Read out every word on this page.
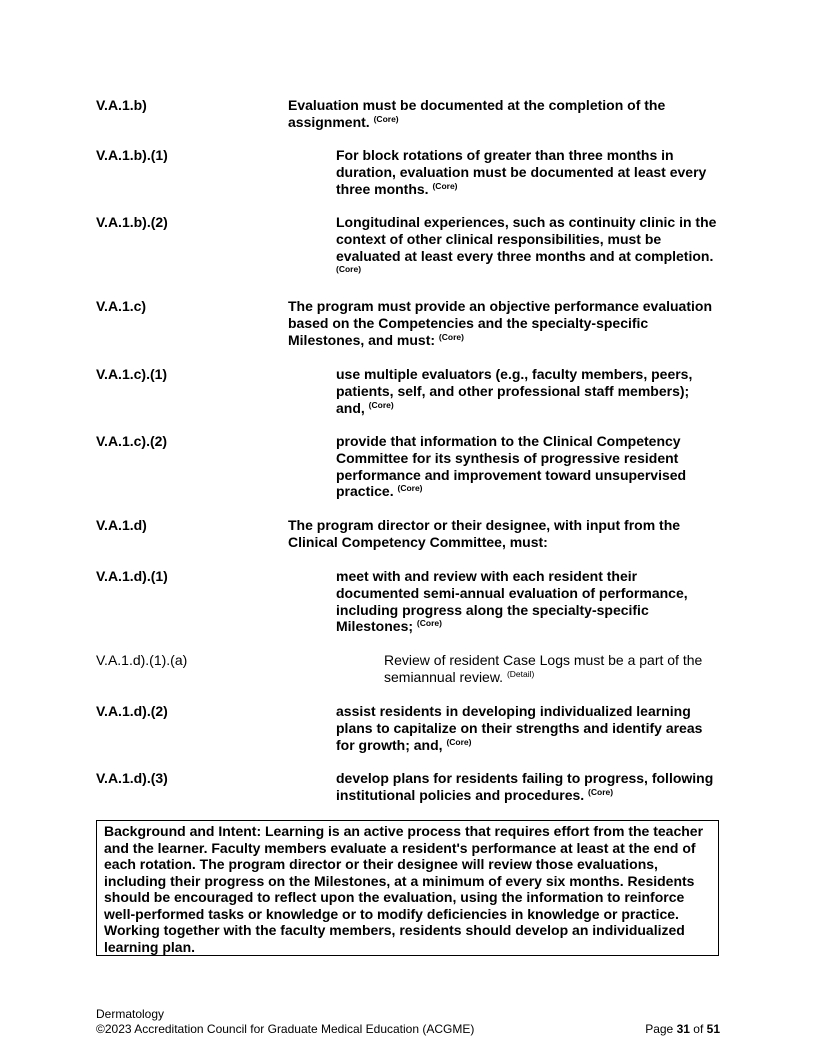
V.A.1.b)	Evaluation must be documented at the completion of the assignment. $^{(Core)}$
V.A.1.b).(1)	For block rotations of greater than three months in duration, evaluation must be documented at least every three months. $^{(Core)}$
V.A.1.b).(2)	Longitudinal experiences, such as continuity clinic in the context of other clinical responsibilities, must be evaluated at least every three months and at completion. $^{(Core)}$
V.A.1.c)	The program must provide an objective performance evaluation based on the Competencies and the specialty-specific Milestones, and must: $^{(Core)}$
V.A.1.c).(1)	use multiple evaluators (e.g., faculty members, peers, patients, self, and other professional staff members); and, $^{(Core)}$
V.A.1.c).(2)	provide that information to the Clinical Competency Committee for its synthesis of progressive resident performance and improvement toward unsupervised practice. $^{(Core)}$
V.A.1.d)	The program director or their designee, with input from the Clinical Competency Committee, must:
V.A.1.d).(1)	meet with and review with each resident their documented semi-annual evaluation of performance, including progress along the specialty-specific Milestones; $^{(Core)}$
V.A.1.d).(1).(a)	Review of resident Case Logs must be a part of the semiannual review. $^{(Detail)}$
V.A.1.d).(2)	assist residents in developing individualized learning plans to capitalize on their strengths and identify areas for growth; and, $^{(Core)}$
V.A.1.d).(3)	develop plans for residents failing to progress, following institutional policies and procedures. $^{(Core)}$
Background and Intent: Learning is an active process that requires effort from the teacher and the learner. Faculty members evaluate a resident's performance at least at the end of each rotation. The program director or their designee will review those evaluations, including their progress on the Milestones, at a minimum of every six months. Residents should be encouraged to reflect upon the evaluation, using the information to reinforce well-performed tasks or knowledge or to modify deficiencies in knowledge or practice. Working together with the faculty members, residents should develop an individualized learning plan.
Dermatology
©2023 Accreditation Council for Graduate Medical Education (ACGME)	Page 31 of 51
